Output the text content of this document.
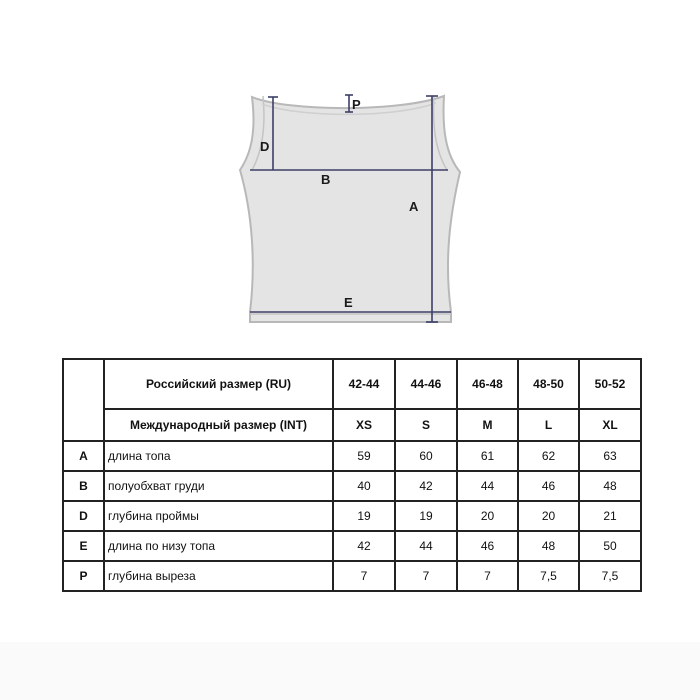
P
D
B
A
E
	Российский размер (RU)	42-44	44-46	46-48	48-50	50-52
	Международный размер (INT)	XS	S	M	L	XL
A	длина топа	59	60	61	62	63
B	полуобхват груди	40	42	44	46	48
D	глубина проймы	19	19	20	20	21
E	длина по низу топа	42	44	46	48	50
P	глубина выреза	7	7	7	7,5	7,5
